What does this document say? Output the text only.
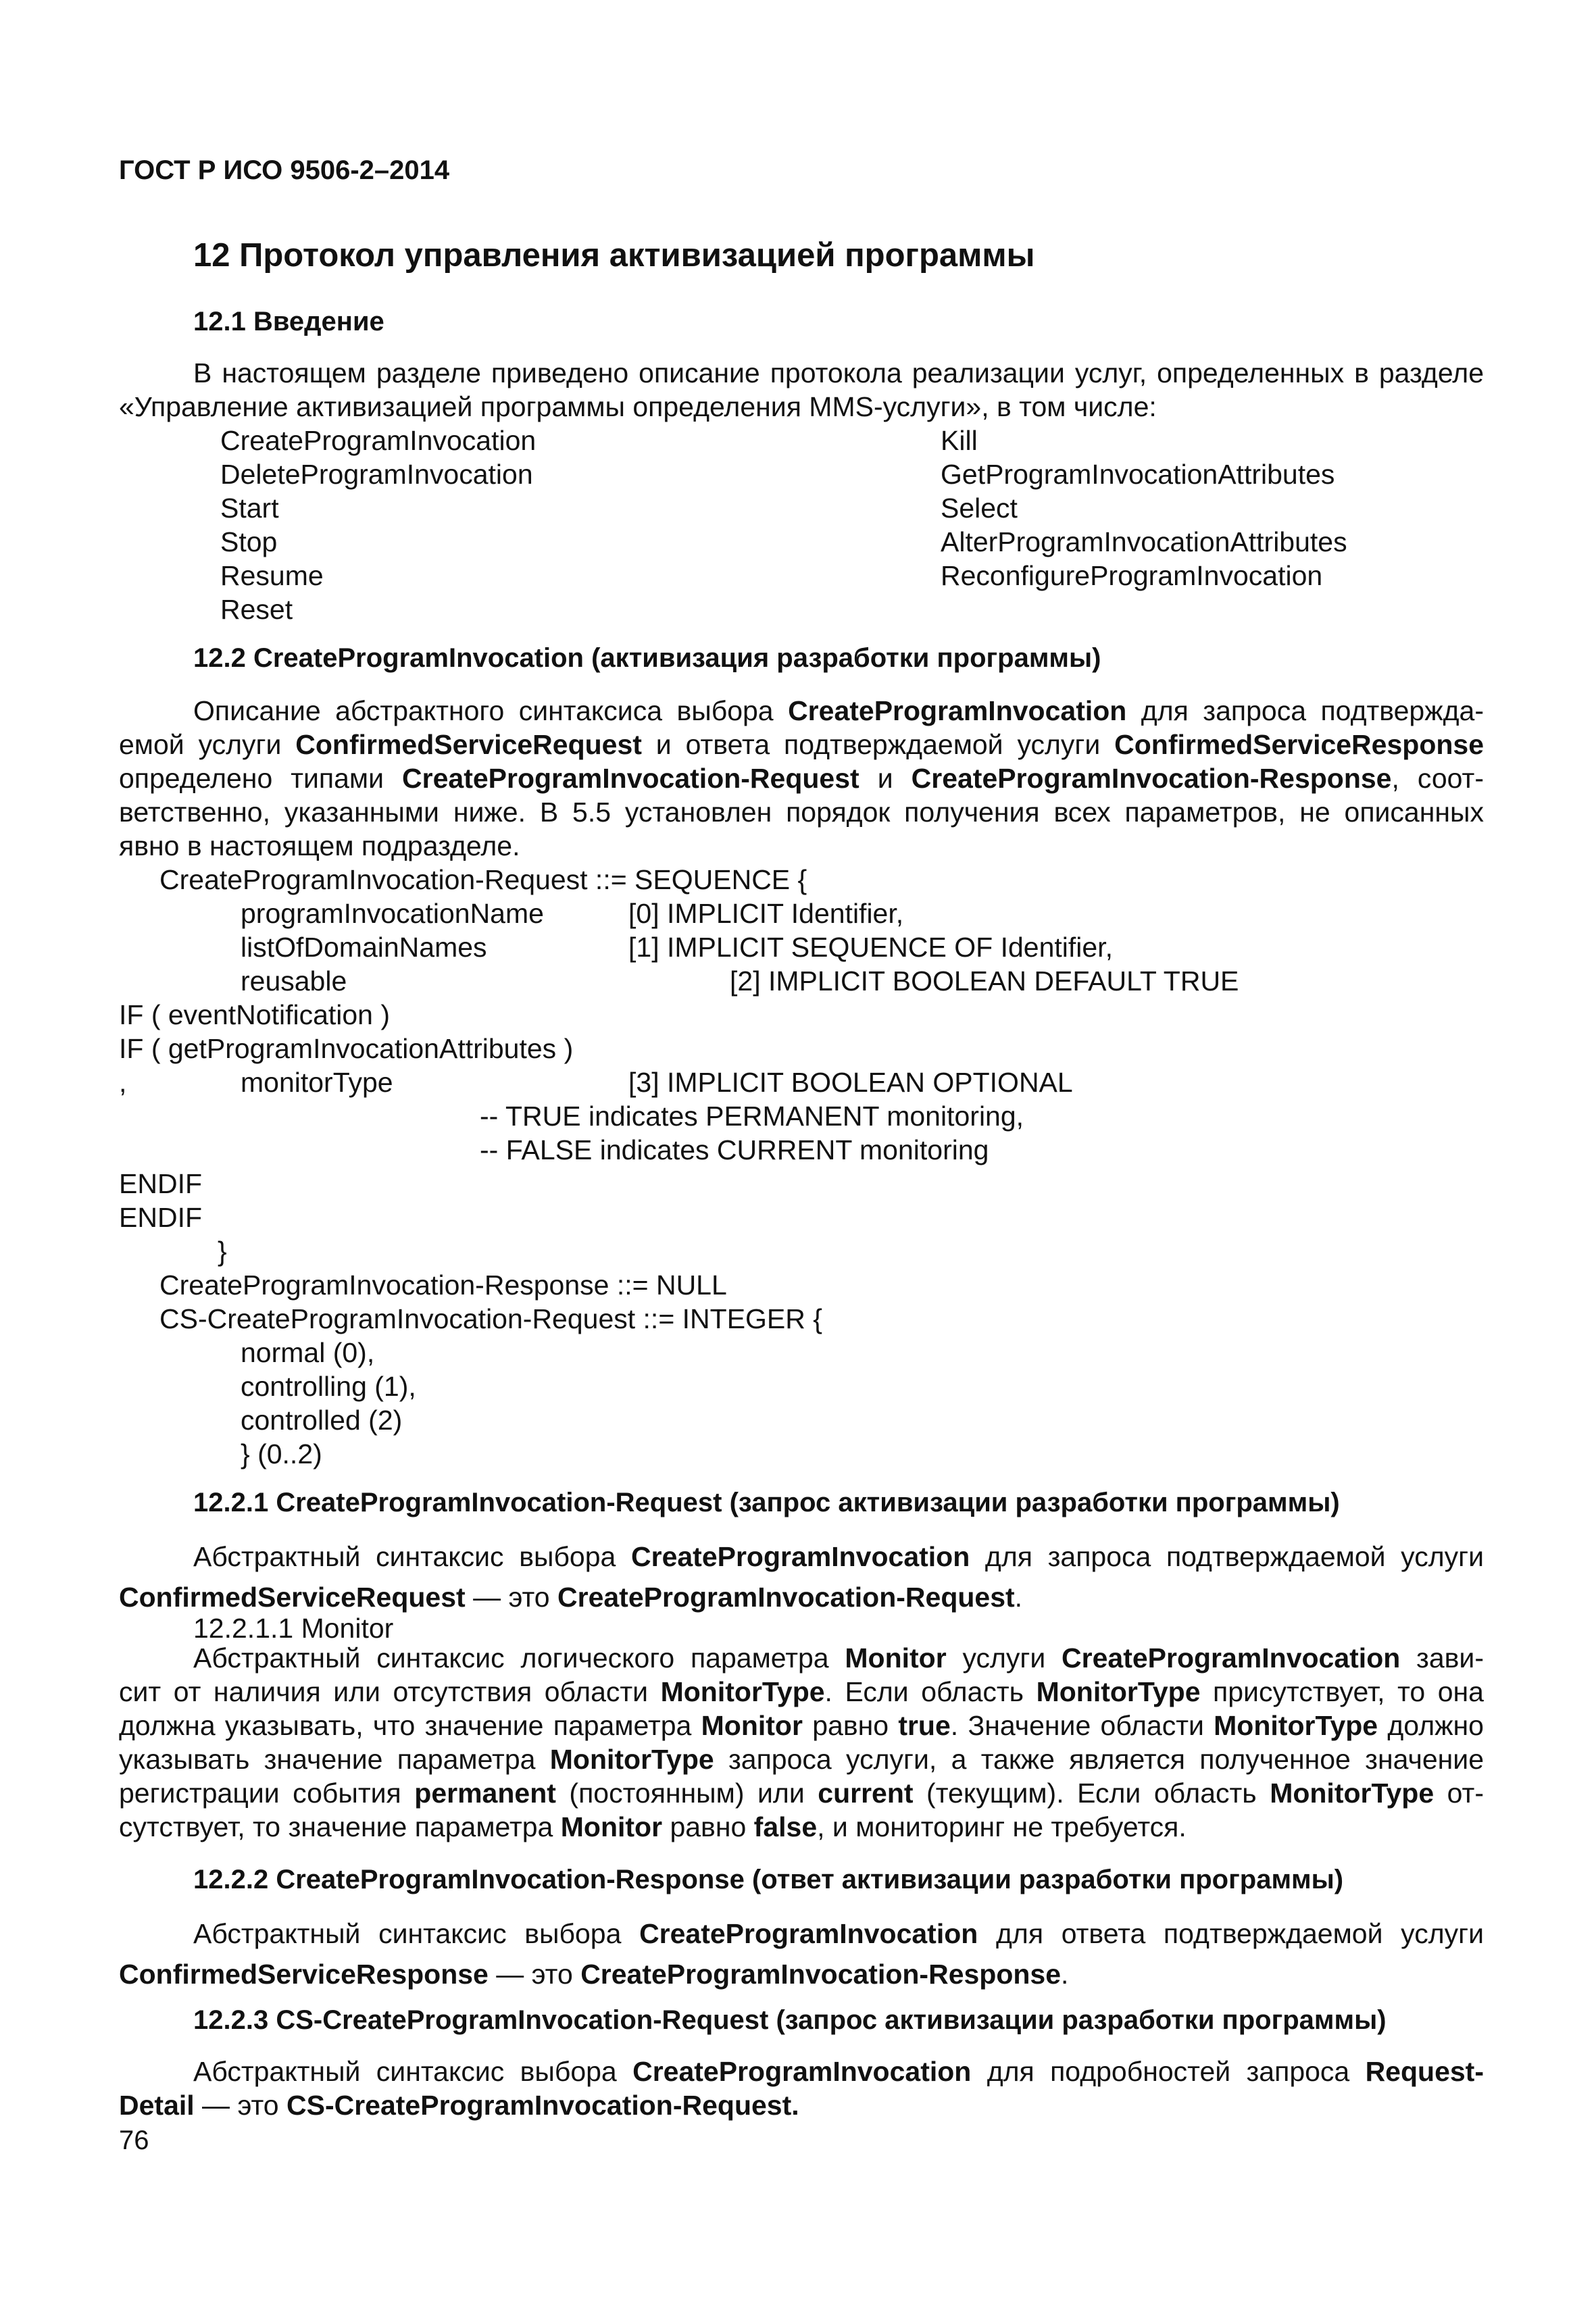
ГОСТ Р ИСО 9506-2–2014
12 Протокол управления активизацией программы
12.1 Введение
В настоящем разделе приведено описание протокола реализации услуг, определенных в разделе
«Управление активизацией программы определения MMS-услуги», в том числе:
CreateProgramInvocation
DeleteProgramInvocation
Start
Stop
Resume
Reset
Kill
GetProgramInvocationAttributes
Select
AlterProgramInvocationAttributes
ReconfigureProgramInvocation
12.2 CreateProgramInvocation (активизация разработки программы)
Описание абстрактного синтаксиса выбора CreateProgramInvocation для запроса подтвержда-
емой услуги ConfirmedServiceRequest и ответа подтверждаемой услуги ConfirmedServiceResponse
определено типами CreateProgramInvocation-Request и CreateProgramInvocation-Response, соот-
ветственно, указанными ниже. В 5.5 установлен порядок получения всех параметров, не описанных
явно в настоящем подразделе.
CreateProgramInvocation-Request ::= SEQUENCE {
programInvocationName	[0] IMPLICIT Identifier,
listOfDomainNames	[1] IMPLICIT SEQUENCE OF Identifier,
reusable	[2] IMPLICIT BOOLEAN DEFAULT TRUE
IF ( eventNotification )
IF ( getProgramInvocationAttributes )
,	monitorType	[3] IMPLICIT BOOLEAN OPTIONAL
-- TRUE indicates PERMANENT monitoring,
-- FALSE indicates CURRENT monitoring
ENDIF
ENDIF
}
CreateProgramInvocation-Response ::= NULL
CS-CreateProgramInvocation-Request ::= INTEGER {
normal (0),
controlling (1),
controlled (2)
} (0..2)
12.2.1 CreateProgramInvocation-Request (запрос активизации разработки программы)
Абстрактный синтаксис выбора CreateProgramInvocation для запроса подтверждаемой услуги
ConfirmedServiceRequest — это CreateProgramInvocation-Request.
12.2.1.1 Monitor
Абстрактный синтаксис логического параметра Monitor услуги CreateProgramInvocation зави-
сит от наличия или отсутствия области MonitorType. Если область MonitorType присутствует, то она
должна указывать, что значение параметра Monitor равно true. Значение области MonitorType должно
указывать значение параметра MonitorType запроса услуги, а также является полученное значение
регистрации события permanent (постоянным) или current (текущим). Если область MonitorType от-
сутствует, то значение параметра Monitor равно false, и мониторинг не требуется.
12.2.2 CreateProgramInvocation-Response (ответ активизации разработки программы)
Абстрактный синтаксис выбора CreateProgramInvocation для ответа подтверждаемой услуги
ConfirmedServiceResponse — это CreateProgramInvocation-Response.
12.2.3 CS-CreateProgramInvocation-Request (запрос активизации разработки программы)
Абстрактный синтаксис выбора CreateProgramInvocation для подробностей запроса Request-
Detail — это CS-CreateProgramInvocation-Request.
76
